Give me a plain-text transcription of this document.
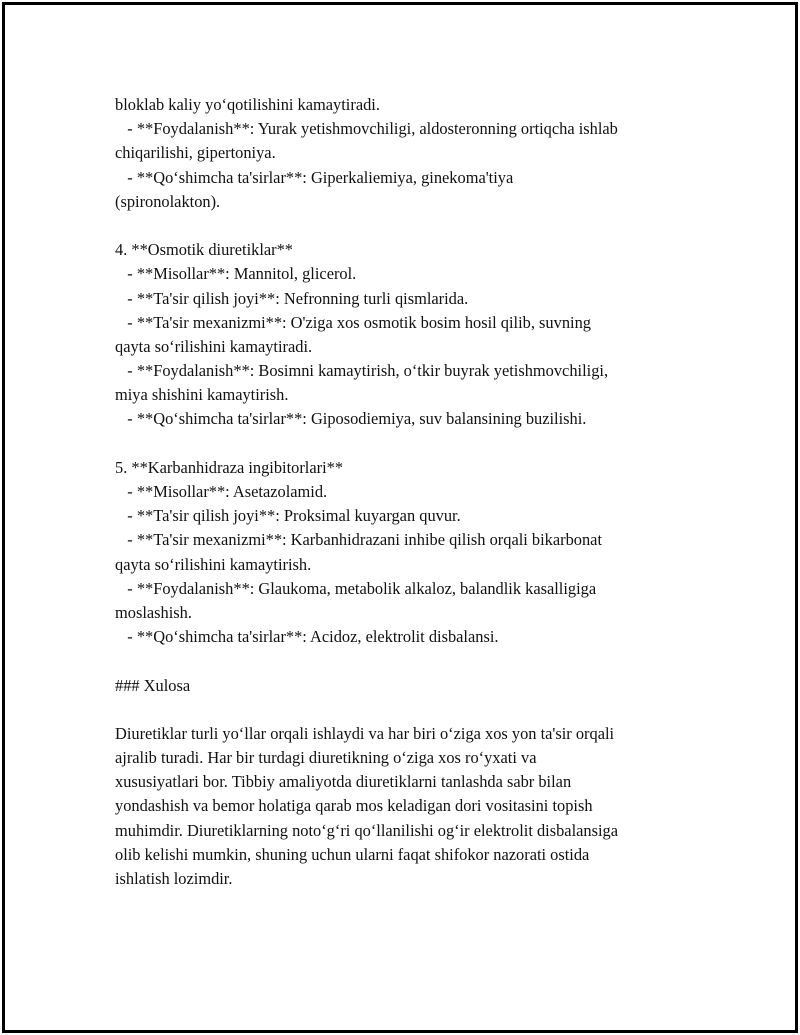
bloklab kaliy yo‘qotilishini kamaytiradi.
- **Foydalanish**: Yurak yetishmovchiligi, aldosteronning ortiqcha ishlab
chiqarilishi, gipertoniya.
- **Qo‘shimcha ta'sirlar**: Giperkaliemiya, ginekoma'tiya
(spironolakton).
4. **Osmotik diuretiklar**
- **Misollar**: Mannitol, glicerol.
- **Ta'sir qilish joyi**: Nefronning turli qismlarida.
- **Ta'sir mexanizmi**: O'ziga xos osmotik bosim hosil qilib, suvning
qayta so‘rilishini kamaytiradi.
- **Foydalanish**: Bosimni kamaytirish, o‘tkir buyrak yetishmovchiligi,
miya shishini kamaytirish.
- **Qo‘shimcha ta'sirlar**: Giposodiemiya, suv balansining buzilishi.
5. **Karbanhidraza ingibitorlari**
- **Misollar**: Asetazolamid.
- **Ta'sir qilish joyi**: Proksimal kuyargan quvur.
- **Ta'sir mexanizmi**: Karbanhidrazani inhibe qilish orqali bikarbonat
qayta so‘rilishini kamaytirish.
- **Foydalanish**: Glaukoma, metabolik alkaloz, balandlik kasalligiga
moslashish.
- **Qo‘shimcha ta'sirlar**: Acidoz, elektrolit disbalansi.
### Xulosa
Diuretiklar turli yo‘llar orqali ishlaydi va har biri o‘ziga xos yon ta'sir orqali
ajralib turadi. Har bir turdagi diuretikning o‘ziga xos ro‘yxati va
xususiyatlari bor. Tibbiy amaliyotda diuretiklarni tanlashda sabr bilan
yondashish va bemor holatiga qarab mos keladigan dori vositasini topish
muhimdir. Diuretiklarning noto‘g‘ri qo‘llanilishi og‘ir elektrolit disbalansiga
olib kelishi mumkin, shuning uchun ularni faqat shifokor nazorati ostida
ishlatish lozimdir.
